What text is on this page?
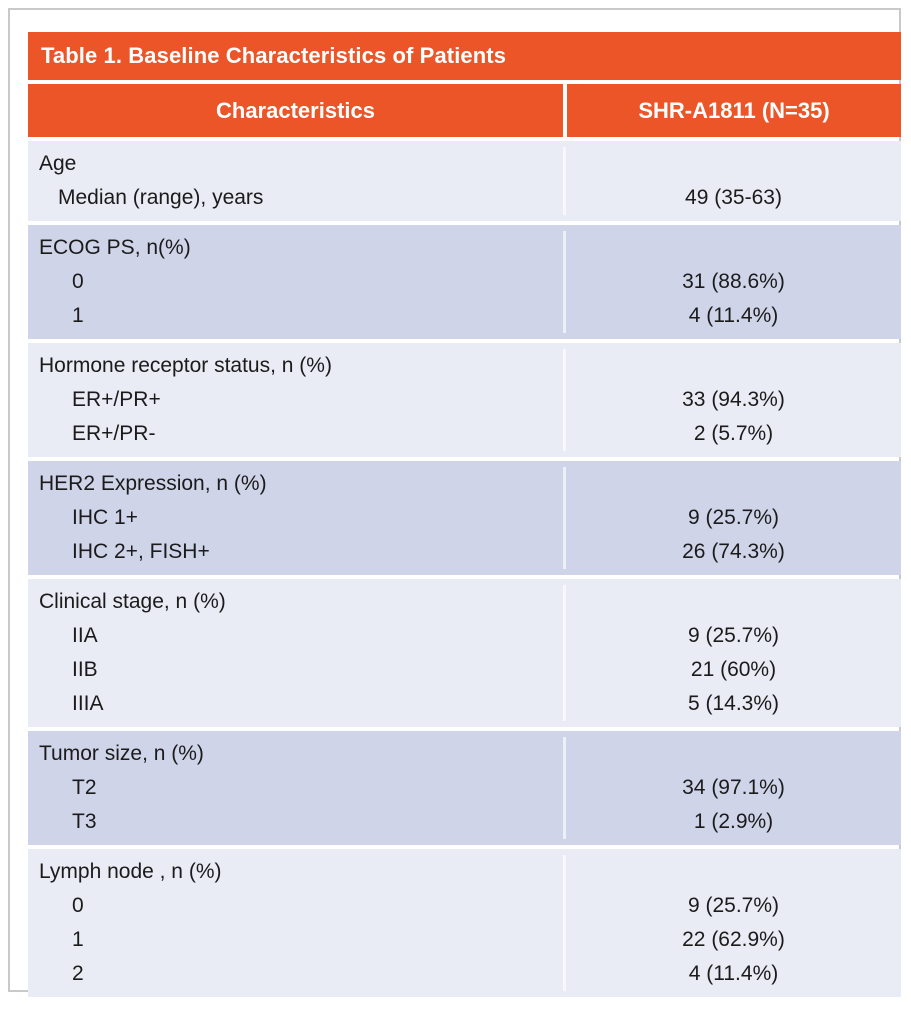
Table 1. Baseline Characteristics of Patients
Characteristics	SHR-A1811 (N=35)
Age
Median (range), years	49 (35-63)
ECOG PS, n(%)
0	31 (88.6%)
1	4 (11.4%)
Hormone receptor status, n (%)
ER+/PR+	33 (94.3%)
ER+/PR-	2 (5.7%)
HER2 Expression, n (%)
IHC 1+	9 (25.7%)
IHC 2+, FISH+	26 (74.3%)
Clinical stage, n (%)
IIA	9 (25.7%)
IIB	21 (60%)
IIIA	5 (14.3%)
Tumor size, n (%)
T2	34 (97.1%)
T3	1 (2.9%)
Lymph node , n (%)
0	9 (25.7%)
1	22 (62.9%)
2	4 (11.4%)
